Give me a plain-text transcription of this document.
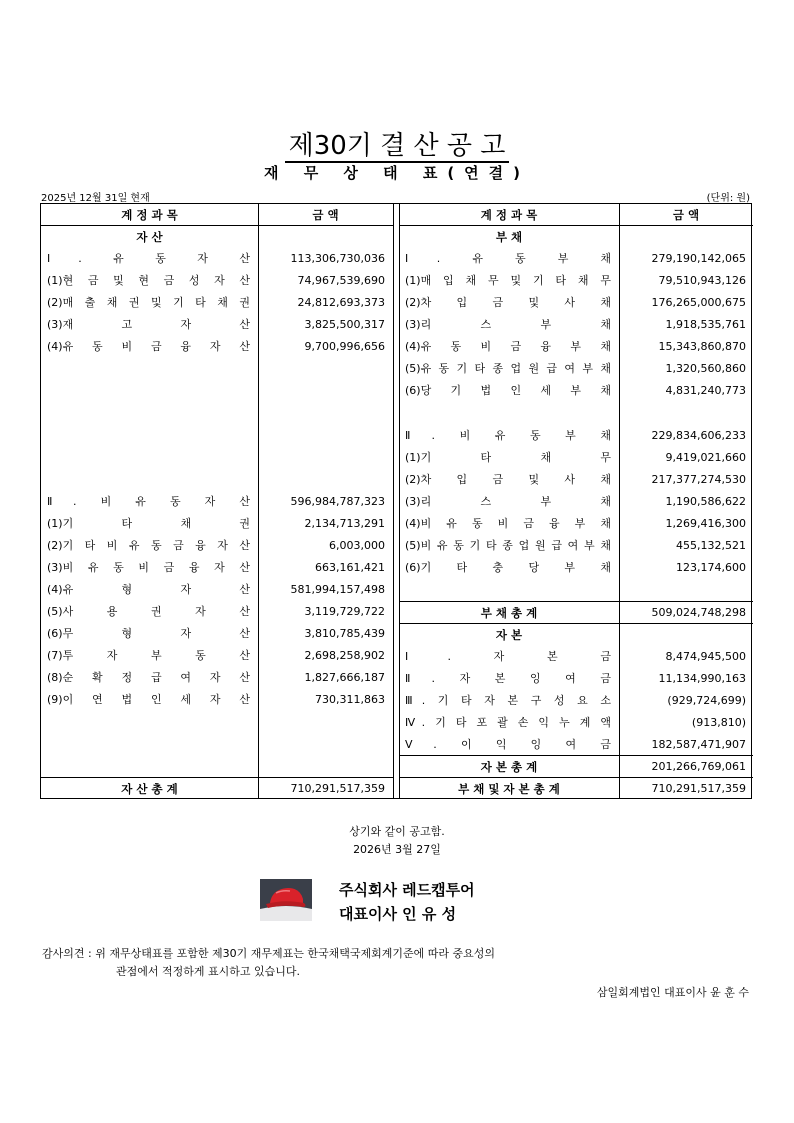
제30기 결 산 공 고
재 무 상 태 표(연결)
2025년 12월 31일 현재	(단위: 원)
계 정 과 목	금 액	계 정 과 목	금 액
자 산
Ⅰ. 유 동 자 산	113,306,730,036
(1)현 금 및 현 금 성 자 산	74,967,539,690
(2)매 출 채 권 및 기 타 채 권	24,812,693,373
(3)재 고 자 산	3,825,500,317
(4)유 동 비 금 융 자 산	9,700,996,656
Ⅱ. 비 유 동 자 산	596,984,787,323
(1)기 타 채 권	2,134,713,291
(2)기 타 비 유 동 금 융 자 산	6,003,000
(3)비 유 동 비 금 융 자 산	663,161,421
(4)유 형 자 산	581,994,157,498
(5)사 용 권 자 산	3,119,729,722
(6)무 형 자 산	3,810,785,439
(7)투 자 부 동 산	2,698,258,902
(8)순 확 정 급 여 자 산	1,827,666,187
(9)이 연 법 인 세 자 산	730,311,863
자 산 총 계	710,291,517,359
부 채
Ⅰ. 유 동 부 채	279,190,142,065
(1)매 입 채 무 및 기 타 채 무	79,510,943,126
(2)차 입 금 및 사 채	176,265,000,675
(3)리 스 부 채	1,918,535,761
(4)유 동 비 금 융 부 채	15,343,860,870
(5)유 동 기 타 종 업 원 급 여 부 채	1,320,560,860
(6)당 기 법 인 세 부 채	4,831,240,773
Ⅱ. 비 유 동 부 채	229,834,606,233
(1)기 타 채 무	9,419,021,660
(2)차 입 금 및 사 채	217,377,274,530
(3)리 스 부 채	1,190,586,622
(4)비 유 동 비 금 융 부 채	1,269,416,300
(5)비 유 동 기 타 종 업 원 급 여 부 채	455,132,521
(6)기 타 충 당 부 채	123,174,600
부 채 총 계	509,024,748,298
자 본
Ⅰ. 자 본 금	8,474,945,500
Ⅱ. 자 본 잉 여 금	11,134,990,163
Ⅲ. 기 타 자 본 구 성 요 소	(929,724,699)
Ⅳ. 기 타 포 괄 손 익 누 계 액	(913,810)
Ⅴ. 이 익 잉 여 금	182,587,471,907
자 본 총 계	201,266,769,061
부 채 및 자 본 총 계	710,291,517,359
상기와 같이 공고함.
2026년 3월 27일
주식회사 레드캡투어
대표이사 인 유 성
감사의견 : 위 재무상태표를 포함한 제30기 재무제표는 한국채택국제회계기준에 따라 중요성의
관점에서 적정하게 표시하고 있습니다.
삼일회계법인 대표이사 윤 훈 수
